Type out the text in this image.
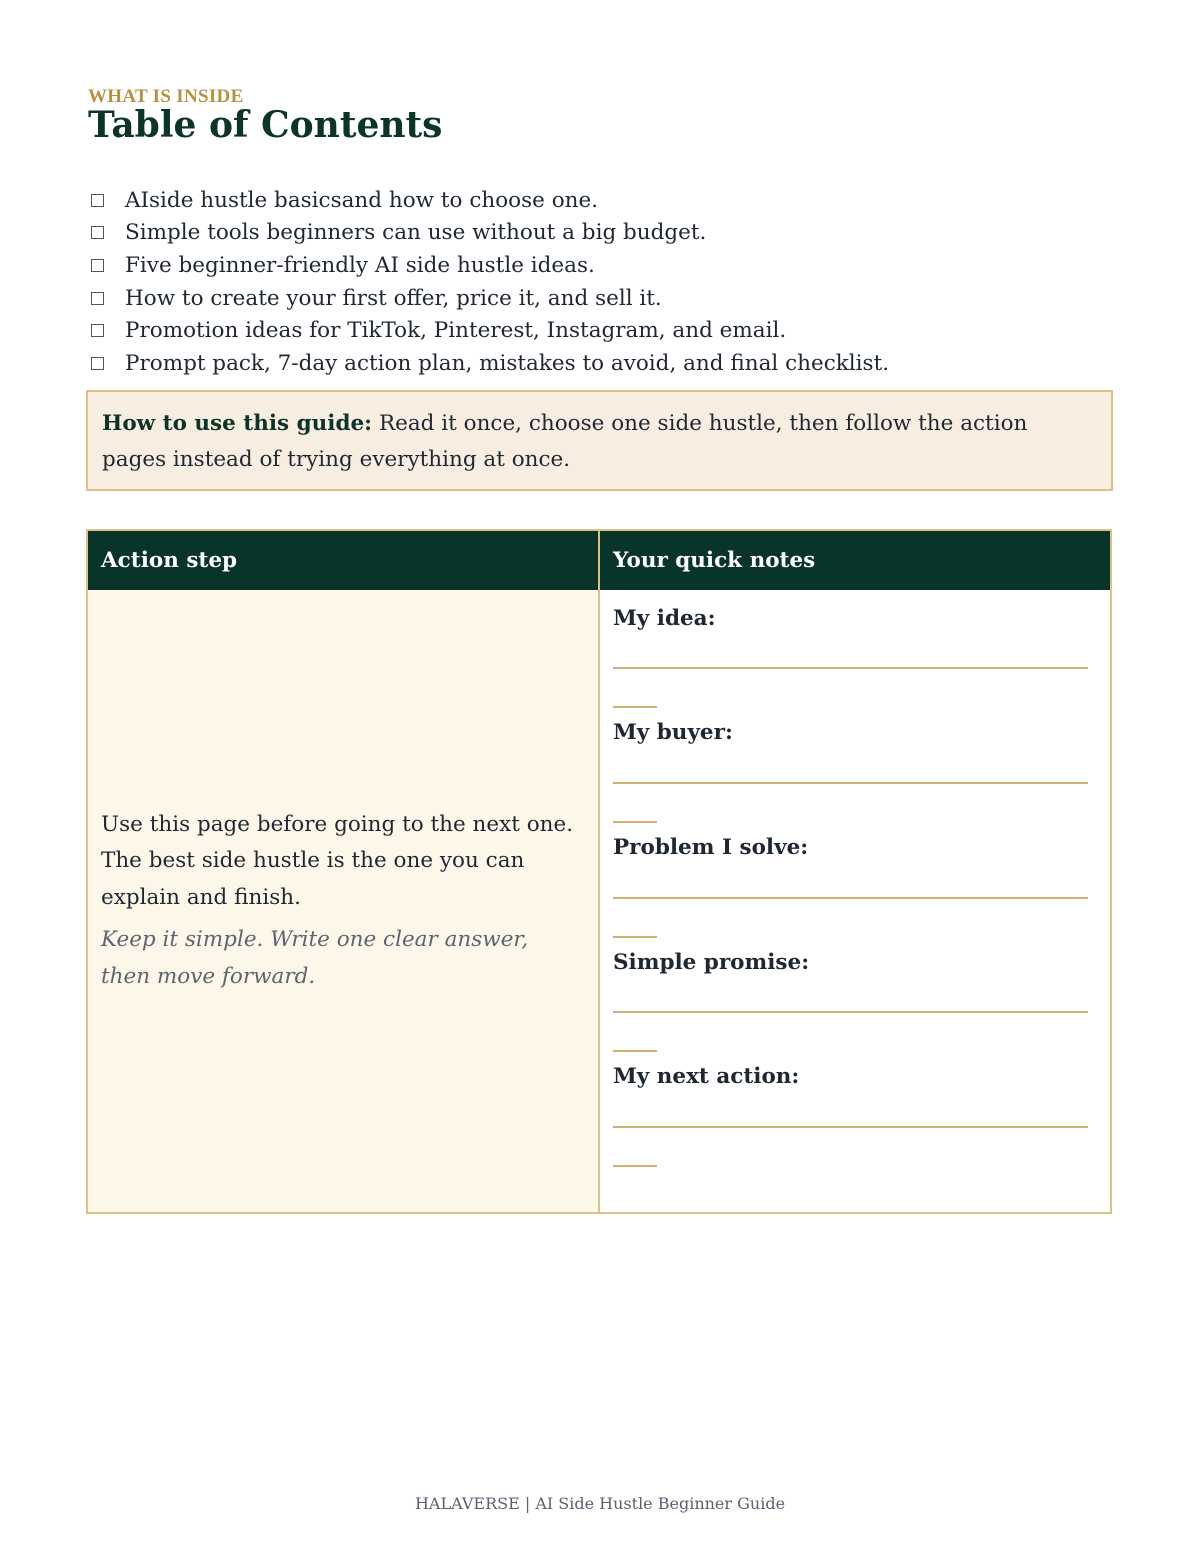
WHAT IS INSIDE
Table of Contents
AIside hustle basicsand how to choose one.
Simple tools beginners can use without a big budget.
Five beginner-friendly AI side hustle ideas.
How to create your first offer, price it, and sell it.
Promotion ideas for TikTok, Pinterest, Instagram, and email.
Prompt pack, 7-day action plan, mistakes to avoid, and final checklist.
How to use this guide: Read it once, choose one side hustle, then follow the action pages instead of trying everything at once.
Action step	Your quick notes

Use this page before going to the next one. The best side hustle is the one you can explain and finish.

Keep it simple. Write one clear answer, then move forward.

My idea:
My buyer:
Problem I solve:
Simple promise:
My next action:
HALAVERSE | AI Side Hustle Beginner Guide
